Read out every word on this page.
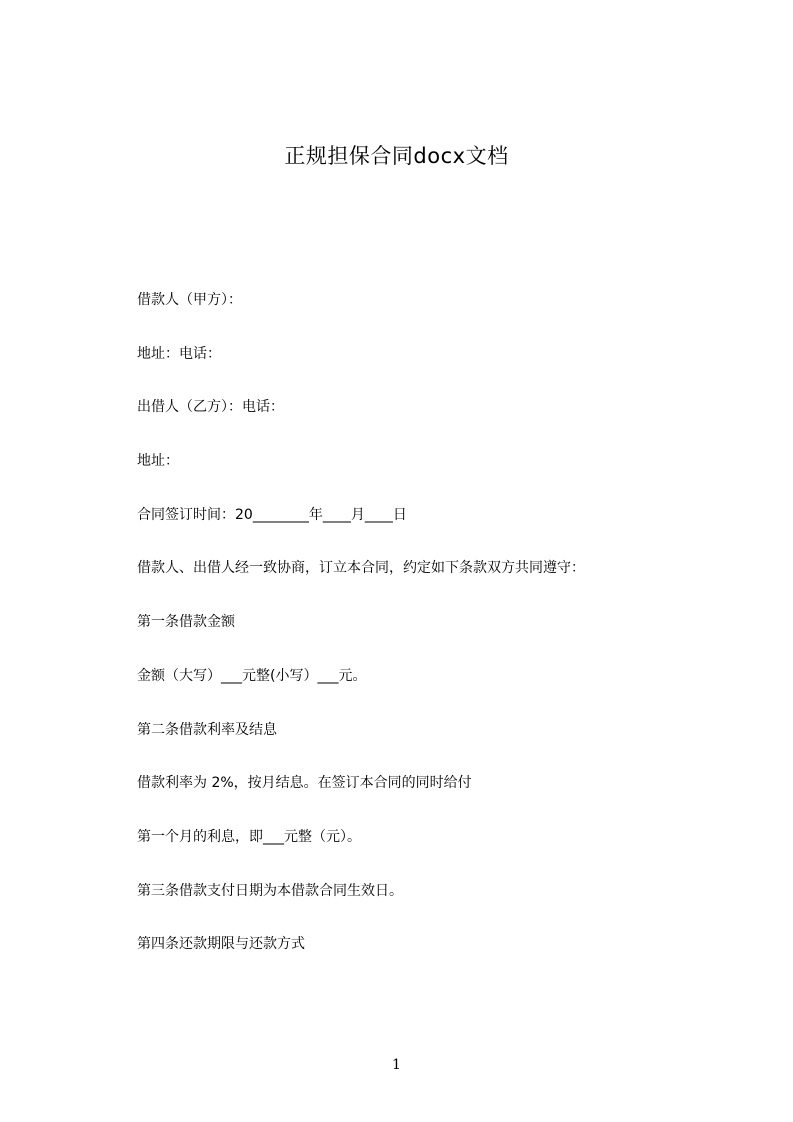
正规担保合同docx文档
借款人（甲方）：
地址：电话：
出借人（乙方）：电话：
地址：
合同签订时间：20________年____月____日
借款人、出借人经一致协商，订立本合同，约定如下条款双方共同遵守：
第一条借款金额
金额（大写）___元整(小写）___元。
第二条借款利率及结息
借款利率为 2%，按月结息。在签订本合同的同时给付
第一个月的利息，即___元整（元）。
第三条借款支付日期为本借款合同生效日。
第四条还款期限与还款方式
1
